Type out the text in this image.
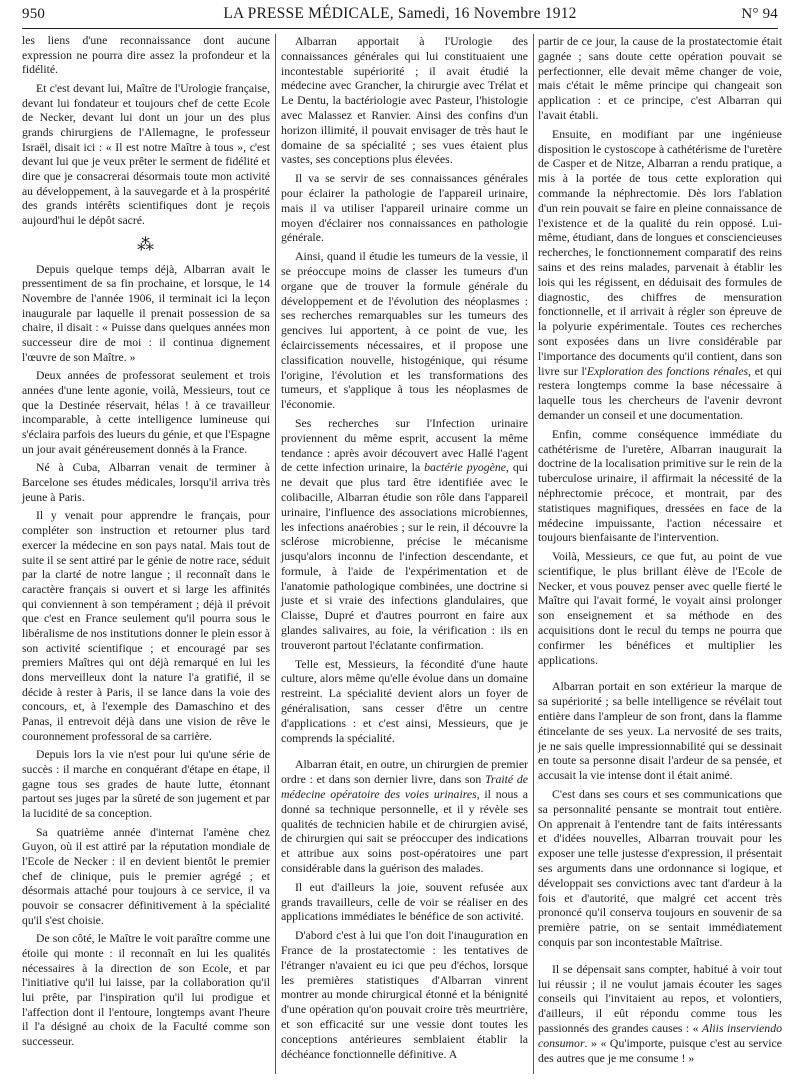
950	LA PRESSE MÉDICALE, Samedi, 16 Novembre 1912	N° 94

les liens d'une reconnaissance dont aucune expression ne pourra dire assez la profondeur et la fidélité.

Et c'est devant lui, Maître de l'Urologie française, devant lui fondateur et toujours chef de cette Ecole de Necker, devant lui dont un jour un des plus grands chirurgiens de l'Allemagne, le professeur Israël, disait ici : « Il est notre Maître à tous », c'est devant lui que je veux prêter le serment de fidélité et dire que je consacrerai désormais toute mon activité au développement, à la sauvegarde et à la prospérité des grands intérêts scientifiques dont je reçois aujourd'hui le dépôt sacré.

⁂

Depuis quelque temps déjà, Albarran avait le pressentiment de sa fin prochaine, et lorsque, le 14 Novembre de l'année 1906, il terminait ici la leçon inaugurale par laquelle il prenait possession de sa chaire, il disait : « Puisse dans quelques années mon successeur dire de moi : il continua dignement l'œuvre de son Maître. »

Deux années de professorat seulement et trois années d'une lente agonie, voilà, Messieurs, tout ce que la Destinée réservait, hélas ! à ce travailleur incomparable, à cette intelligence lumineuse qui s'éclaira parfois des lueurs du génie, et que l'Espagne un jour avait généreusement donnés à la France.

Né à Cuba, Albarran venait de terminer à Barcelone ses études médicales, lorsqu'il arriva très jeune à Paris.

Il y venait pour apprendre le français, pour compléter son instruction et retourner plus tard exercer la médecine en son pays natal. Mais tout de suite il se sent attiré par le génie de notre race, séduit par la clarté de notre langue ; il reconnaît dans le caractère français si ouvert et si large les affinités qui conviennent à son tempérament ; déjà il prévoit que c'est en France seulement qu'il pourra sous le libéralisme de nos institutions donner le plein essor à son activité scientifique ; et encouragé par ses premiers Maîtres qui ont déjà remarqué en lui les dons merveilleux dont la nature l'a gratifié, il se décide à rester à Paris, il se lance dans la voie des concours, et, à l'exemple des Damaschino et des Panas, il entrevoit déjà dans une vision de rêve le couronnement professoral de sa carrière.

Depuis lors la vie n'est pour lui qu'une série de succès : il marche en conquérant d'étape en étape, il gagne tous ses grades de haute lutte, étonnant partout ses juges par la sûreté de son jugement et par la lucidité de sa conception.

Sa quatrième année d'internat l'amène chez Guyon, où il est attiré par la réputation mondiale de l'Ecole de Necker : il en devient bientôt le premier chef de clinique, puis le premier agrégé ; et désormais attaché pour toujours à ce service, il va pouvoir se consacrer définitivement à la spécialité qu'il s'est choisie.

De son côté, le Maître le voit paraître comme une étoile qui monte : il reconnaît en lui les qualités nécessaires à la direction de son Ecole, et par l'initiative qu'il lui laisse, par la collaboration qu'il lui prête, par l'inspiration qu'il lui prodigue et l'affection dont il l'entoure, longtemps avant l'heure il l'a désigné au choix de la Faculté comme son successeur.

Albarran apportait à l'Urologie des connaissances générales qui lui constituaient une incontestable supériorité ; il avait étudié la médecine avec Grancher, la chirurgie avec Trélat et Le Dentu, la bactériologie avec Pasteur, l'histologie avec Malassez et Ranvier. Ainsi des confins d'un horizon illimité, il pouvait envisager de très haut le domaine de sa spécialité ; ses vues étaient plus vastes, ses conceptions plus élevées.

Il va se servir de ses connaissances générales pour éclairer la pathologie de l'appareil urinaire, mais il va utiliser l'appareil urinaire comme un moyen d'éclairer nos connaissances en pathologie générale.

Ainsi, quand il étudie les tumeurs de la vessie, il se préoccupe moins de classer les tumeurs d'un organe que de trouver la formule générale du développement et de l'évolution des néoplasmes : ses recherches remarquables sur les tumeurs des gencives lui apportent, à ce point de vue, les éclaircissements nécessaires, et il propose une classification nouvelle, histogénique, qui résume l'origine, l'évolution et les transformations des tumeurs, et s'applique à tous les néoplasmes de l'économie.

Ses recherches sur l'Infection urinaire proviennent du même esprit, accusent la même tendance : après avoir découvert avec Hallé l'agent de cette infection urinaire, la bactérie pyogène, qui ne devait que plus tard être identifiée avec le colibacille, Albarran étudie son rôle dans l'appareil urinaire, l'influence des associations microbiennes, les infections anaérobies ; sur le rein, il découvre la sclérose microbienne, précise le mécanisme jusqu'alors inconnu de l'infection descendante, et formule, à l'aide de l'expérimentation et de l'anatomie pathologique combinées, une doctrine si juste et si vraie des infections glandulaires, que Claisse, Dupré et d'autres pourront en faire aux glandes salivaires, au foie, la vérification : ils en trouveront partout l'éclatante confirmation.

Telle est, Messieurs, la fécondité d'une haute culture, alors même qu'elle évolue dans un domaine restreint. La spécialité devient alors un foyer de généralisation, sans cesser d'être un centre d'applications : et c'est ainsi, Messieurs, que je comprends la spécialité.

Albarran était, en outre, un chirurgien de premier ordre : et dans son dernier livre, dans son Traité de médecine opératoire des voies urinaires, il nous a donné sa technique personnelle, et il y révèle ses qualités de technicien habile et de chirurgien avisé, de chirurgien qui sait se préoccuper des indications et attribue aux soins post-opératoires une part considérable dans la guérison des malades.

Il eut d'ailleurs la joie, souvent refusée aux grands travailleurs, celle de voir se réaliser en des applications immédiates le bénéfice de son activité.

D'abord c'est à lui que l'on doit l'inauguration en France de la prostatectomie : les tentatives de l'étranger n'avaient eu ici que peu d'échos, lorsque les premières statistiques d'Albarran vinrent montrer au monde chirurgical étonné et la bénignité d'une opération qu'on pouvait croire très meurtrière, et son efficacité sur une vessie dont toutes les conceptions antérieures semblaient établir la déchéance fonctionnelle définitive. A

partir de ce jour, la cause de la prostatectomie était gagnée ; sans doute cette opération pouvait se perfectionner, elle devait même changer de voie, mais c'était le même principe qui changeait son application : et ce principe, c'est Albarran qui l'avait établi.

Ensuite, en modifiant par une ingénieuse disposition le cystoscope à cathétérisme de l'uretère de Casper et de Nitze, Albarran a rendu pratique, a mis à la portée de tous cette exploration qui commande la néphrectomie. Dès lors l'ablation d'un rein pouvait se faire en pleine connaissance de l'existence et de la qualité du rein opposé. Lui-même, étudiant, dans de longues et consciencieuses recherches, le fonctionnement comparatif des reins sains et des reins malades, parvenait à établir les lois qui les régissent, en déduisait des formules de diagnostic, des chiffres de mensuration fonctionnelle, et il arrivait à régler son épreuve de la polyurie expérimentale. Toutes ces recherches sont exposées dans un livre considérable par l'importance des documents qu'il contient, dans son livre sur l'Exploration des fonctions rénales, et qui restera longtemps comme la base nécessaire à laquelle tous les chercheurs de l'avenir devront demander un conseil et une documentation.

Enfin, comme conséquence immédiate du cathétérisme de l'uretère, Albarran inaugurait la doctrine de la localisation primitive sur le rein de la tuberculose urinaire, il affirmait la nécessité de la néphrectomie précoce, et montrait, par des statistiques magnifiques, dressées en face de la médecine impuissante, l'action nécessaire et toujours bienfaisante de l'intervention.

Voilà, Messieurs, ce que fut, au point de vue scientifique, le plus brillant élève de l'Ecole de Necker, et vous pouvez penser avec quelle fierté le Maître qui l'avait formé, le voyait ainsi prolonger son enseignement et sa méthode en des acquisitions dont le recul du temps ne pourra que confirmer les bénéfices et multiplier les applications.

Albarran portait en son extérieur la marque de sa supériorité ; sa belle intelligence se révélait tout entière dans l'ampleur de son front, dans la flamme étincelante de ses yeux. La nervosité de ses traits, je ne sais quelle impressionnabilité qui se dessinait en toute sa personne disait l'ardeur de sa pensée, et accusait la vie intense dont il était animé.

C'est dans ses cours et ses communications que sa personnalité pensante se montrait tout entière. On apprenait à l'entendre tant de faits intéressants et d'idées nouvelles, Albarran trouvait pour les exposer une telle justesse d'expression, il présentait ses arguments dans une ordonnance si logique, et développait ses convictions avec tant d'ardeur à la fois et d'autorité, que malgré cet accent très prononcé qu'il conserva toujours en souvenir de sa première patrie, on se sentait immédiatement conquis par son incontestable Maîtrise.

Il se dépensait sans compter, habitué à voir tout lui réussir ; il ne voulut jamais écouter les sages conseils qui l'invitaient au repos, et volontiers, d'ailleurs, il eût répondu comme tous les passionnés des grandes causes : « Aliis inserviendo consumor. » « Qu'importe, puisque c'est au service des autres que je me consume ! »
